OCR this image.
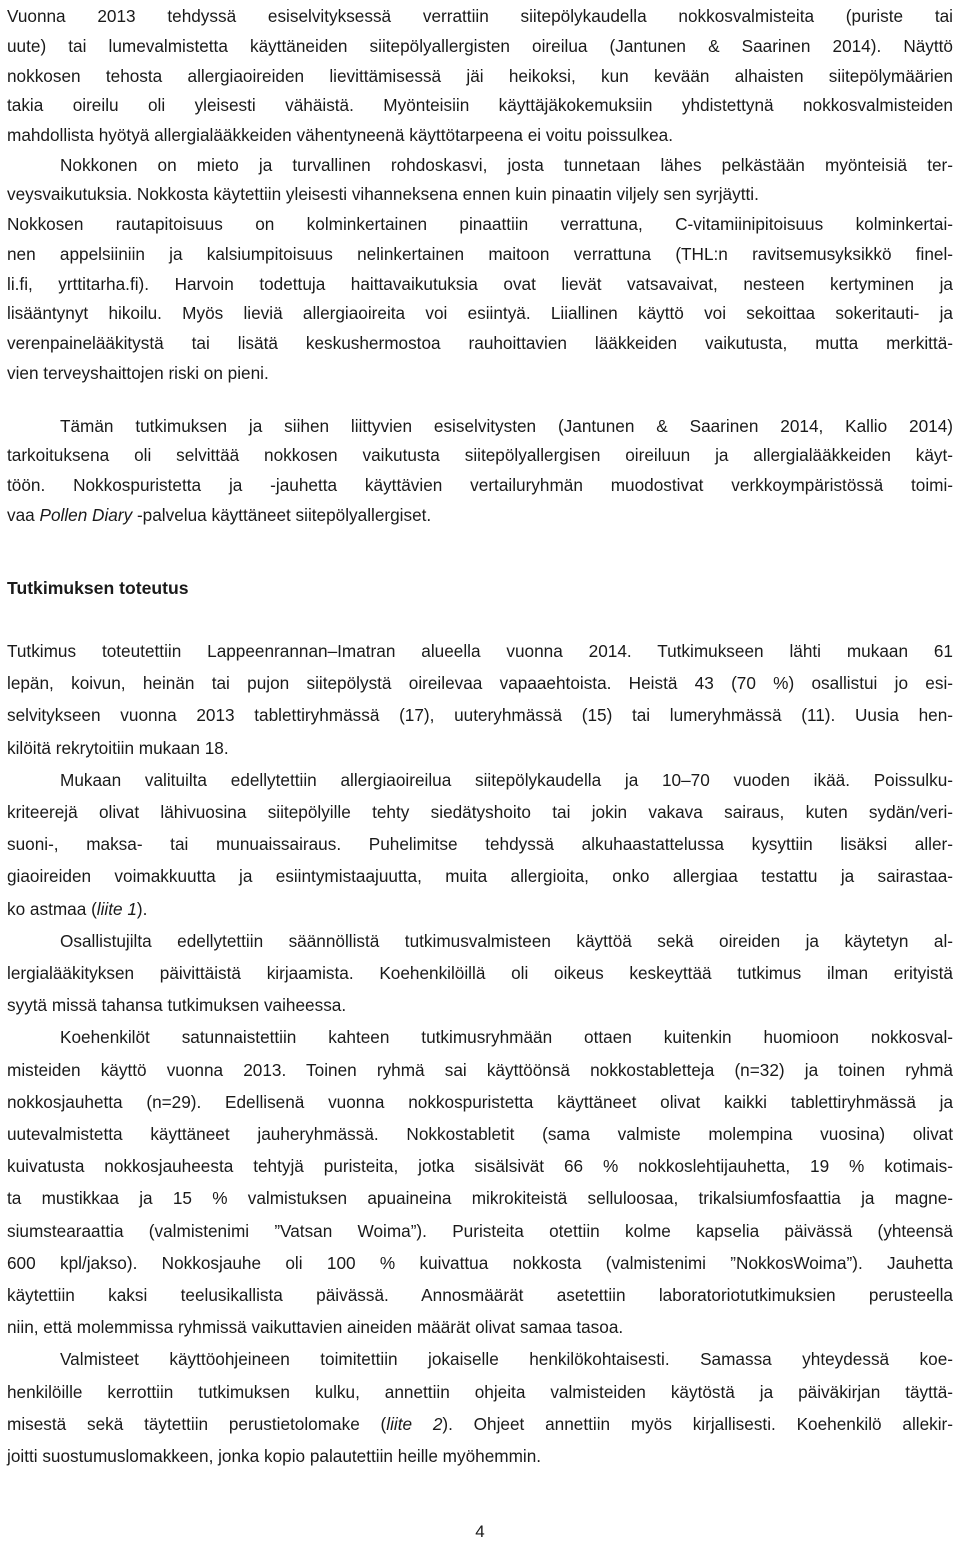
Vuonna 2013 tehdyssä esiselvityksessä verrattiin siitepölykaudella nokkosvalmisteita (puriste tai
uute) tai lumevalmistetta käyttäneiden siitepölyallergisten oireilua (Jantunen & Saarinen 2014). Näyttö
nokkosen tehosta allergiaoireiden lievittämisessä jäi heikoksi, kun kevään alhaisten siitepölymäärien
takia oireilu oli yleisesti vähäistä. Myönteisiin käyttäjäkokemuksiin yhdistettynä nokkosvalmisteiden
mahdollista hyötyä allergialääkkeiden vähentyneenä käyttötarpeena ei voitu poissulkea.
Nokkonen on mieto ja turvallinen rohdoskasvi, josta tunnetaan lähes pelkästään myönteisiä ter-
veysvaikutuksia. Nokkosta käytettiin yleisesti vihanneksena ennen kuin pinaatin viljely sen syrjäytti.
Nokkosen rautapitoisuus on kolminkertainen pinaattiin verrattuna, C-vitamiinipitoisuus kolminkertai-
nen appelsiiniin ja kalsiumpitoisuus nelinkertainen maitoon verrattuna (THL:n ravitsemusyksikkö finel-
li.fi, yrttitarha.fi). Harvoin todettuja haittavaikutuksia ovat lievät vatsavaivat, nesteen kertyminen ja
lisääntynyt hikoilu. Myös lieviä allergiaoireita voi esiintyä. Liiallinen käyttö voi sekoittaa sokeritauti- ja
verenpainelääkitystä tai lisätä keskushermostoa rauhoittavien lääkkeiden vaikutusta, mutta merkittä-
vien terveyshaittojen riski on pieni.
Tämän tutkimuksen ja siihen liittyvien esiselvitysten (Jantunen & Saarinen 2014, Kallio 2014)
tarkoituksena oli selvittää nokkosen vaikutusta siitepölyallergisen oireiluun ja allergialääkkeiden käyt-
töön. Nokkospuristetta ja -jauhetta käyttävien vertailuryhmän muodostivat verkkoympäristössä toimi-
vaa Pollen Diary -palvelua käyttäneet siitepölyallergiset.
Tutkimuksen toteutus
Tutkimus toteutettiin Lappeenrannan–Imatran alueella vuonna 2014. Tutkimukseen lähti mukaan 61
lepän, koivun, heinän tai pujon siitepölystä oireilevaa vapaaehtoista. Heistä 43 (70 %) osallistui jo esi-
selvitykseen vuonna 2013 tablettiryhmässä (17), uuteryhmässä (15) tai lumeryhmässä (11). Uusia hen-
kilöitä rekrytoitiin mukaan 18.
Mukaan valituilta edellytettiin allergiaoireilua siitepölykaudella ja 10–70 vuoden ikää. Poissulku-
kriteerejä olivat lähivuosina siitepölyille tehty siedätyshoito tai jokin vakava sairaus, kuten sydän/veri-
suoni-, maksa- tai munuaissairaus. Puhelimitse tehdyssä alkuhaastattelussa kysyttiin lisäksi aller-
giaoireiden voimakkuutta ja esiintymistaajuutta, muita allergioita, onko allergiaa testattu ja sairastaa-
ko astmaa (liite 1).
Osallistujilta edellytettiin säännöllistä tutkimusvalmisteen käyttöä sekä oireiden ja käytetyn al-
lergialääkityksen päivittäistä kirjaamista. Koehenkilöillä oli oikeus keskeyttää tutkimus ilman erityistä
syytä missä tahansa tutkimuksen vaiheessa.
Koehenkilöt satunnaistettiin kahteen tutkimusryhmään ottaen kuitenkin huomioon nokkosval-
misteiden käyttö vuonna 2013. Toinen ryhmä sai käyttöönsä nokkostabletteja (n=32) ja toinen ryhmä
nokkosjauhetta (n=29). Edellisenä vuonna nokkospuristetta käyttäneet olivat kaikki tablettiryhmässä ja
uutevalmistetta käyttäneet jauheryhmässä. Nokkostabletit (sama valmiste molempina vuosina) olivat
kuivatusta nokkosjauheesta tehtyjä puristeita, jotka sisälsivät 66 % nokkoslehtijauhetta, 19 % kotimais-
ta mustikkaa ja 15 % valmistuksen apuaineina mikrokiteistä selluloosaa, trikalsiumfosfaattia ja magne-
siumstearaattia (valmistenimi ”Vatsan Woima”). Puristeita otettiin kolme kapselia päivässä (yhteensä
600 kpl/jakso). Nokkosjauhe oli 100 % kuivattua nokkosta (valmistenimi ”NokkosWoima”). Jauhetta
käytettiin kaksi teelusikallista päivässä. Annosmäärät asetettiin laboratoriotutkimuksien perusteella
niin, että molemmissa ryhmissä vaikuttavien aineiden määrät olivat samaa tasoa.
Valmisteet käyttöohjeineen toimitettiin jokaiselle henkilökohtaisesti. Samassa yhteydessä koe-
henkilöille kerrottiin tutkimuksen kulku, annettiin ohjeita valmisteiden käytöstä ja päiväkirjan täyttä-
misestä sekä täytettiin perustietolomake (liite 2). Ohjeet annettiin myös kirjallisesti. Koehenkilö allekir-
joitti suostumuslomakkeen, jonka kopio palautettiin heille myöhemmin.
4
